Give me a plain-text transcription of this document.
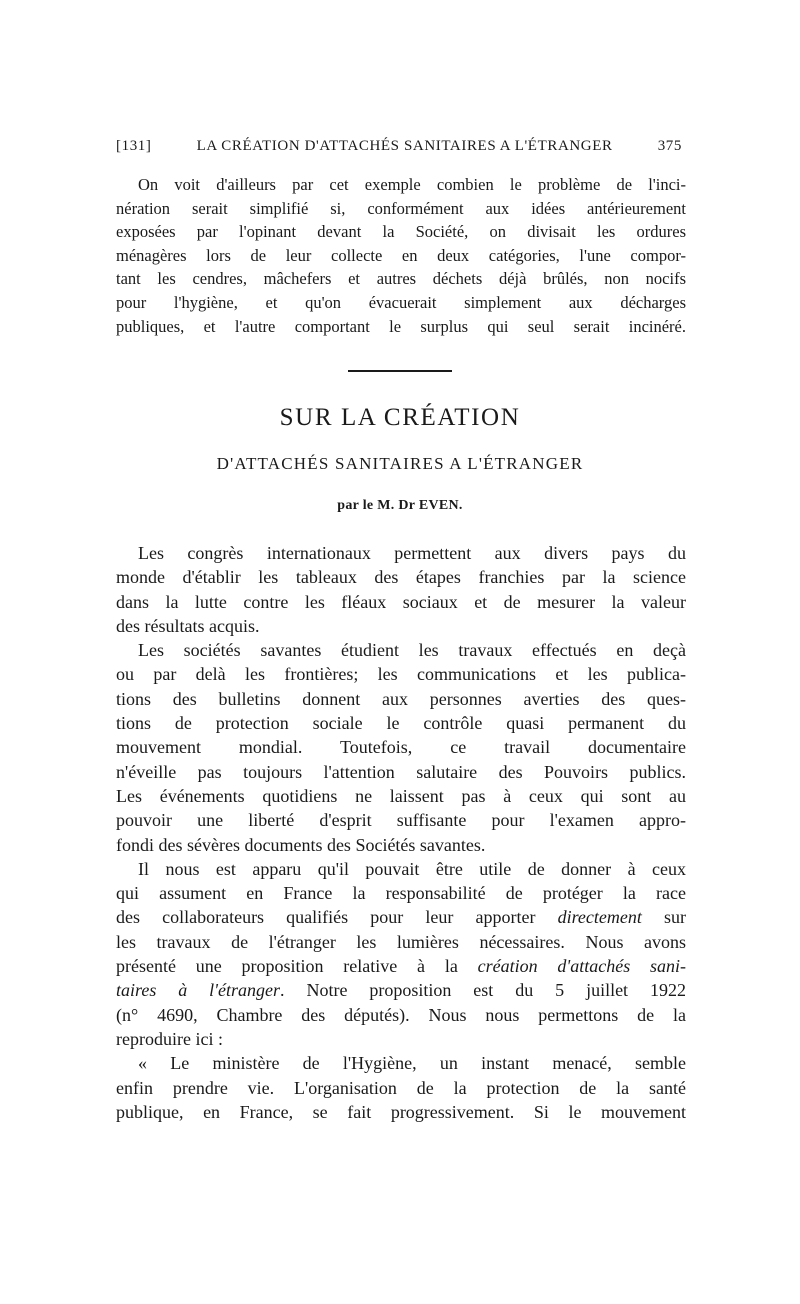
[131]	LA CRÉATION D'ATTACHÉS SANITAIRES A L'ÉTRANGER	375
On voit d'ailleurs par cet exemple combien le problème de l'inci-
nération serait simplifié si, conformément aux idées antérieurement
exposées par l'opinant devant la Société, on divisait les ordures
ménagères lors de leur collecte en deux catégories, l'une compor-
tant les cendres, mâchefers et autres déchets déjà brûlés, non nocifs
pour l'hygiène, et qu'on évacuerait simplement aux décharges
publiques, et l'autre comportant le surplus qui seul serait incinéré.
SUR LA CRÉATION
D'ATTACHÉS SANITAIRES A L'ÉTRANGER
par le M. Dr EVEN.
Les congrès internationaux permettent aux divers pays du
monde d'établir les tableaux des étapes franchies par la science
dans la lutte contre les fléaux sociaux et de mesurer la valeur
des résultats acquis.
Les sociétés savantes étudient les travaux effectués en deçà
ou par delà les frontières; les communications et les publica-
tions des bulletins donnent aux personnes averties des ques-
tions de protection sociale le contrôle quasi permanent du
mouvement mondial. Toutefois, ce travail documentaire
n'éveille pas toujours l'attention salutaire des Pouvoirs publics.
Les événements quotidiens ne laissent pas à ceux qui sont au
pouvoir une liberté d'esprit suffisante pour l'examen appro-
fondi des sévères documents des Sociétés savantes.
Il nous est apparu qu'il pouvait être utile de donner à ceux
qui assument en France la responsabilité de protéger la race
des collaborateurs qualifiés pour leur apporter directement sur
les travaux de l'étranger les lumières nécessaires. Nous avons
présenté une proposition relative à la création d'attachés sani-
taires à l'étranger. Notre proposition est du 5 juillet 1922
(n° 4690, Chambre des députés). Nous nous permettons de la
reproduire ici :
« Le ministère de l'Hygiène, un instant menacé, semble
enfin prendre vie. L'organisation de la protection de la santé
publique, en France, se fait progressivement. Si le mouvement
